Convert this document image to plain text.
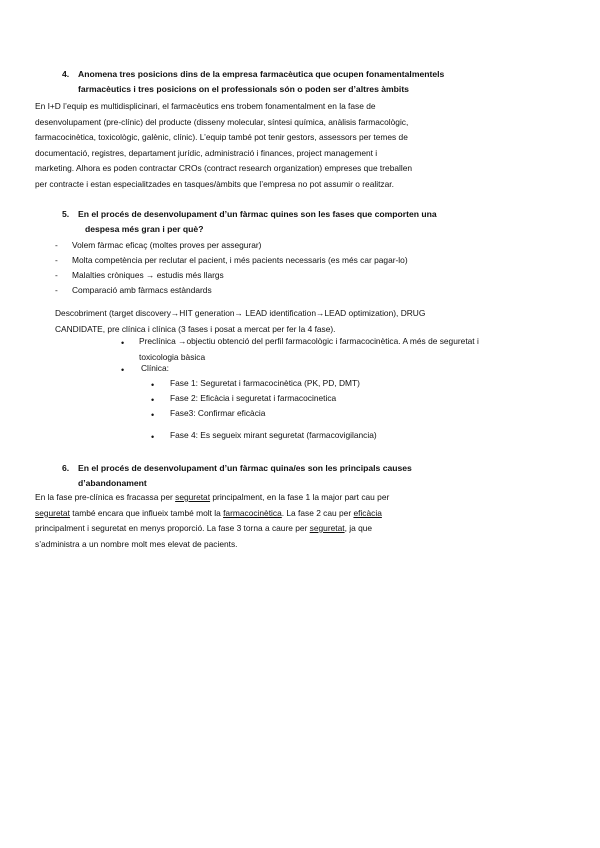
4.	Anomena tres posicions dins de la empresa farmacèutica que ocupen fonamentalmentels
farmacèutics i tres posicions on el professionals són o poden ser d’altres àmbits
En I+D l’equip es multidisplicinari, el farmacèutics ens trobem fonamentalment en la fase de
desenvolupament (pre-clínic) del producte (disseny molecular, síntesi química, anàlisis farmacològic,
farmacocinètica, toxicològic, galènic, clínic). L’equip també pot tenir gestors, assessors per temes de
documentació, registres, departament jurídic, administració i finances, project management i
marketing. Alhora es poden contractar CROs (contract research organization) empreses que treballen
per contracte i estan especialitzades en tasques/àmbits que l’empresa no pot assumir o realitzar.
5.	En el procés de desenvolupament d’un fàrmac quines son les fases que comporten una
despesa més gran i per què?
- Volem fàrmac eficaç (moltes proves per assegurar)
- Molta competència per reclutar el pacient, i més pacients necessaris (es més car pagar-lo)
- Malalties cròniques → estudis més llargs
- Comparació amb fàrmacs estàndards
Descobriment (target discovery→HIT generation→ LEAD identification→LEAD optimization), DRUG
CANDIDATE, pre clínica i clínica (3 fases i posat a mercat per fer la 4 fase).
• Preclínica →objectiu obtenció del perfil farmacològic i farmacocinètica. A més de seguretat i
toxicologia bàsica
• Clínica:
• Fase 1: Seguretat i farmacocinètica (PK, PD, DMT)
• Fase 2: Eficàcia i seguretat i farmacocinetica
• Fase3: Confirmar eficàcia
• Fase 4: Es segueix mirant seguretat (farmacovigilancia)
6.	En el procés de desenvolupament d’un fàrmac quina/es son les principals causes
d’abandonament
En la fase pre-clínica es fracassa per seguretat principalment, en la fase 1 la major part cau per
seguretat també encara que influeix també molt la farmacocinètica. La fase 2 cau per eficàcia
principalment i seguretat en menys proporció. La fase 3 torna a caure per seguretat, ja que
s’administra a un nombre molt mes elevat de pacients.
